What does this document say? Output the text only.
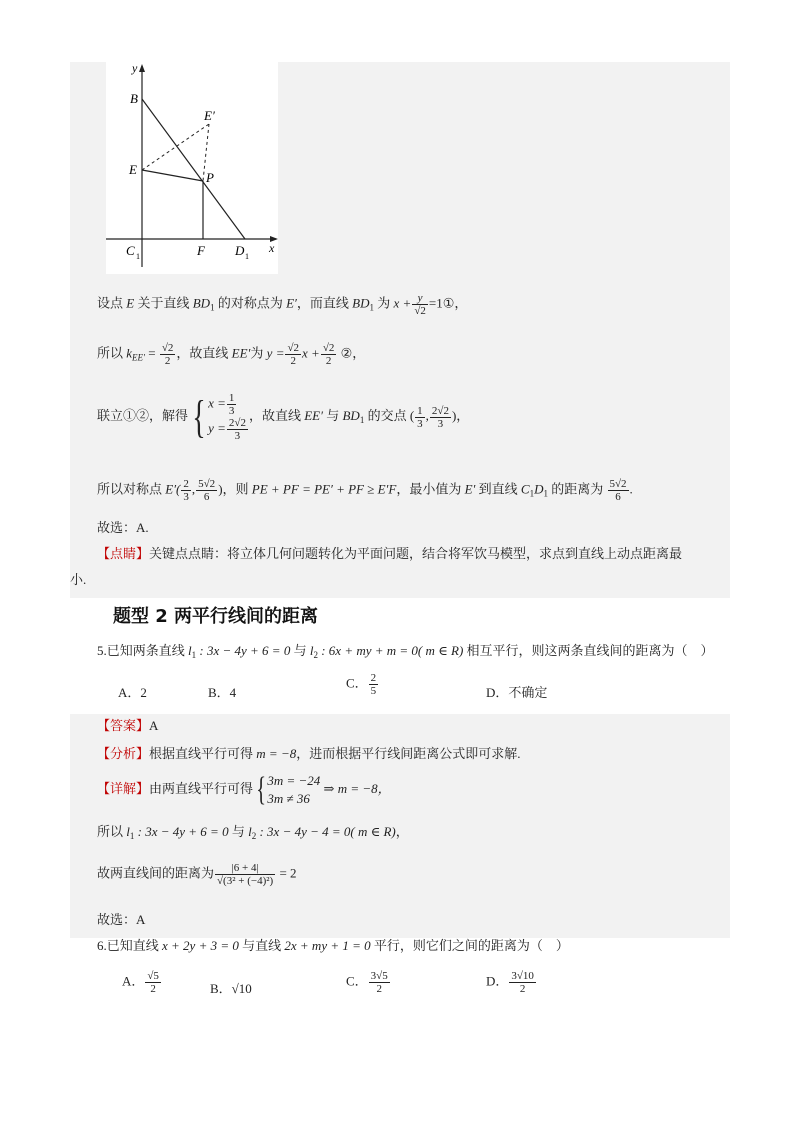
y
x
B
E′
E
P
C 1	F D 1
设点 E 关于直线 $BD_1$ 的对称点为 E′，而直线 $BD_1$ 为 $x + \frac{y}{√2}$ =1①，
所以 $k_{EE'} = \frac{√2}{2}$ ，故直线 EE′为 $y = \frac{√2}{2}$ $x + \frac{√2}{2}$ ②，
联立①②，解得{ $x = \frac{1}{3}$
$y = \frac{2√2}{3}$
，故直线 EE′ 与 $BD_1$ 的交点 ( $\frac{1}{3}$ , $\frac{2√2}{3}$ )，
所以对称点 $E'( \frac{2}{3}$ , $\frac{5√2}{6}$ )，则 PE + PF = PE′ + PF ≥ E′F，最小值为 E′ 到直线 $C_1D_1$ 的距离为 $\frac{5√2}{6}$ .
故选：A.
【点睛】关键点点睛：将立体几何问题转化为平面问题，结合将军饮马模型，求点到直线上动点距离最
小.
题型 2 两平行线间的距离
5.已知两条直线 $l_1$ : 3x − 4y + 6 = 0 与 $l_2$ : 6x + my + m = 0( m ∈ R) 相互平行，则这两条直线间的距离为（　）
A．2	B．4
C． $\frac{2}{5}$	D．不确定
【答案】A
【分析】根据直线平行可得 m = −8，进而根据平行线间距离公式即可求解.
【详解】由两直线平行可得{ 3m = −24
3m ≠ 36
⇒ m = −8，
所以 $l_1$ : 3x − 4y + 6 = 0 与 $l_2$ : 3x − 4y − 4 = 0( m ∈ R)，
故两直线间的距离为 $\frac{|6 + 4|}{\text{√(3² + (−4)²)}} = 2$
故选：A
6.已知直线 x + 2y + 3 = 0 与直线 2x + my + 1 = 0 平行，则它们之间的距离为（　）
A． $\frac{√5}{2}$	B．√10
C． $\frac{3√5}{2}$	D． $\frac{3√10}{2}$
